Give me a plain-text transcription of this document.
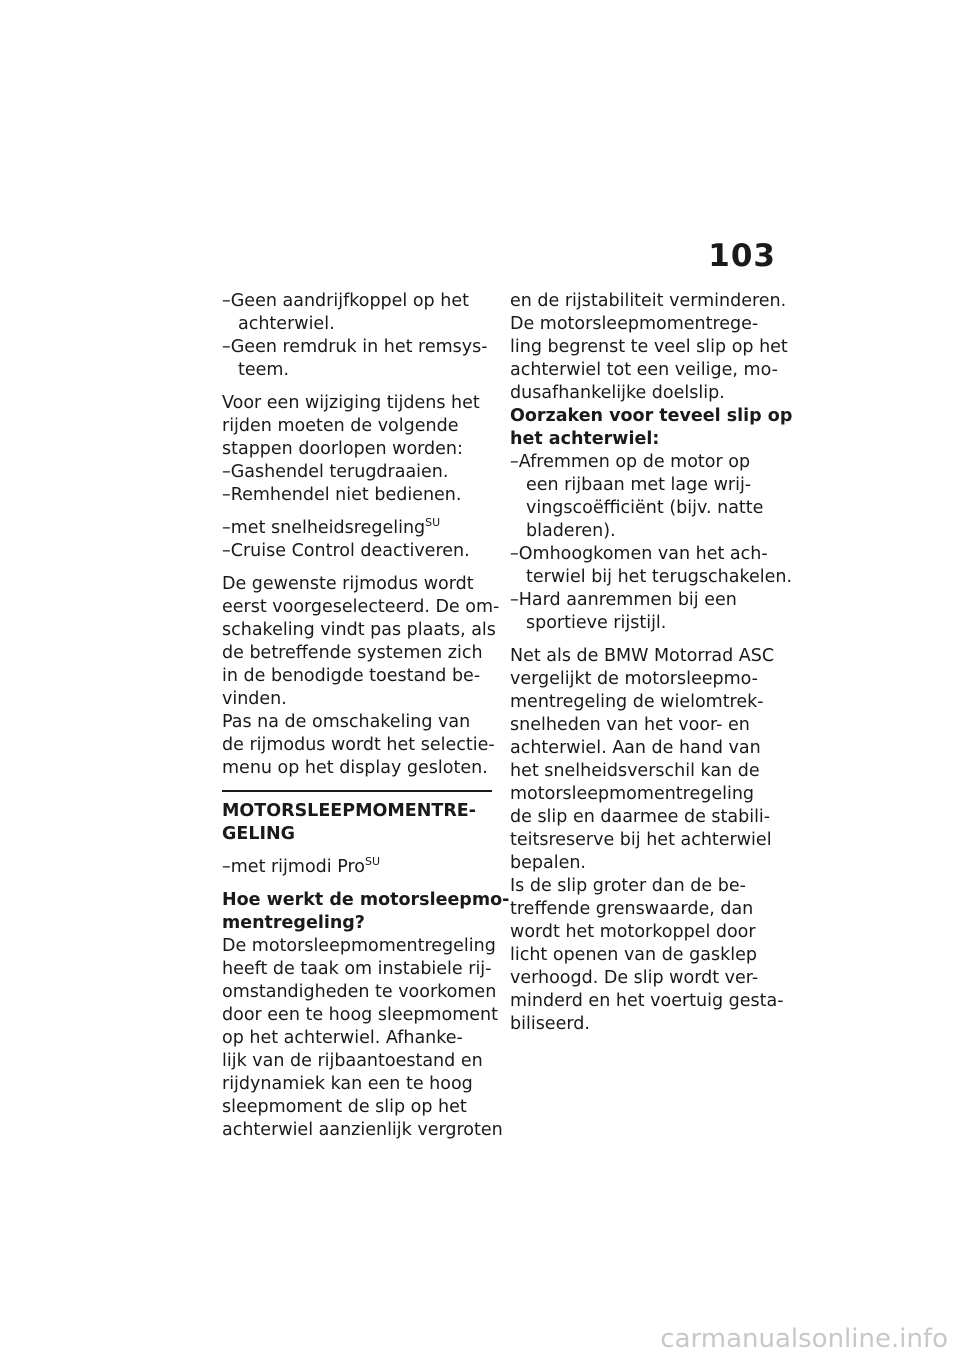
103
–Geen aandrijfkoppel op het
achterwiel.
–Geen remdruk in het remsys-
teem.
Voor een wijziging tijdens het
rijden moeten de volgende
stappen doorlopen worden:
–Gashendel terugdraaien.
–Remhendel niet bedienen.
–met snelheidsregeling$^{SU}$
–Cruise Control deactiveren.
De gewenste rijmodus wordt
eerst voorgeselecteerd. De om-
schakeling vindt pas plaats, als
de betreffende systemen zich
in de benodigde toestand be-
vinden.
Pas na de omschakeling van
de rijmodus wordt het selectie-
menu op het display gesloten.
MOTORSLEEPMOMENTRE-
GELING
–met rijmodi Pro$^{SU}$
Hoe werkt de motorsleepmo-
mentregeling?
De motorsleepmomentregeling
heeft de taak om instabiele rij-
omstandigheden te voorkomen
door een te hoog sleepmoment
op het achterwiel. Afhanke-
lijk van de rijbaantoestand en
rijdynamiek kan een te hoog
sleepmoment de slip op het
achterwiel aanzienlijk vergroten
en de rijstabiliteit verminderen.
De motorsleepmomentrege-
ling begrenst te veel slip op het
achterwiel tot een veilige, mo-
dusafhankelijke doelslip.
Oorzaken voor teveel slip op
het achterwiel:
–Afremmen op de motor op
een rijbaan met lage wrij-
vingscoëfficiënt (bijv. natte
bladeren).
–Omhoogkomen van het ach-
terwiel bij het terugschakelen.
–Hard aanremmen bij een
sportieve rijstijl.
Net als de BMW Motorrad ASC
vergelijkt de motorsleepmo-
mentregeling de wielomtrek-
snelheden van het voor- en
achterwiel. Aan de hand van
het snelheidsverschil kan de
motorsleepmomentregeling
de slip en daarmee de stabili-
teitsreserve bij het achterwiel
bepalen.
Is de slip groter dan de be-
treffende grenswaarde, dan
wordt het motorkoppel door
licht openen van de gasklep
verhoogd. De slip wordt ver-
minderd en het voertuig gesta-
biliseerd.
carmanualsonline.info
